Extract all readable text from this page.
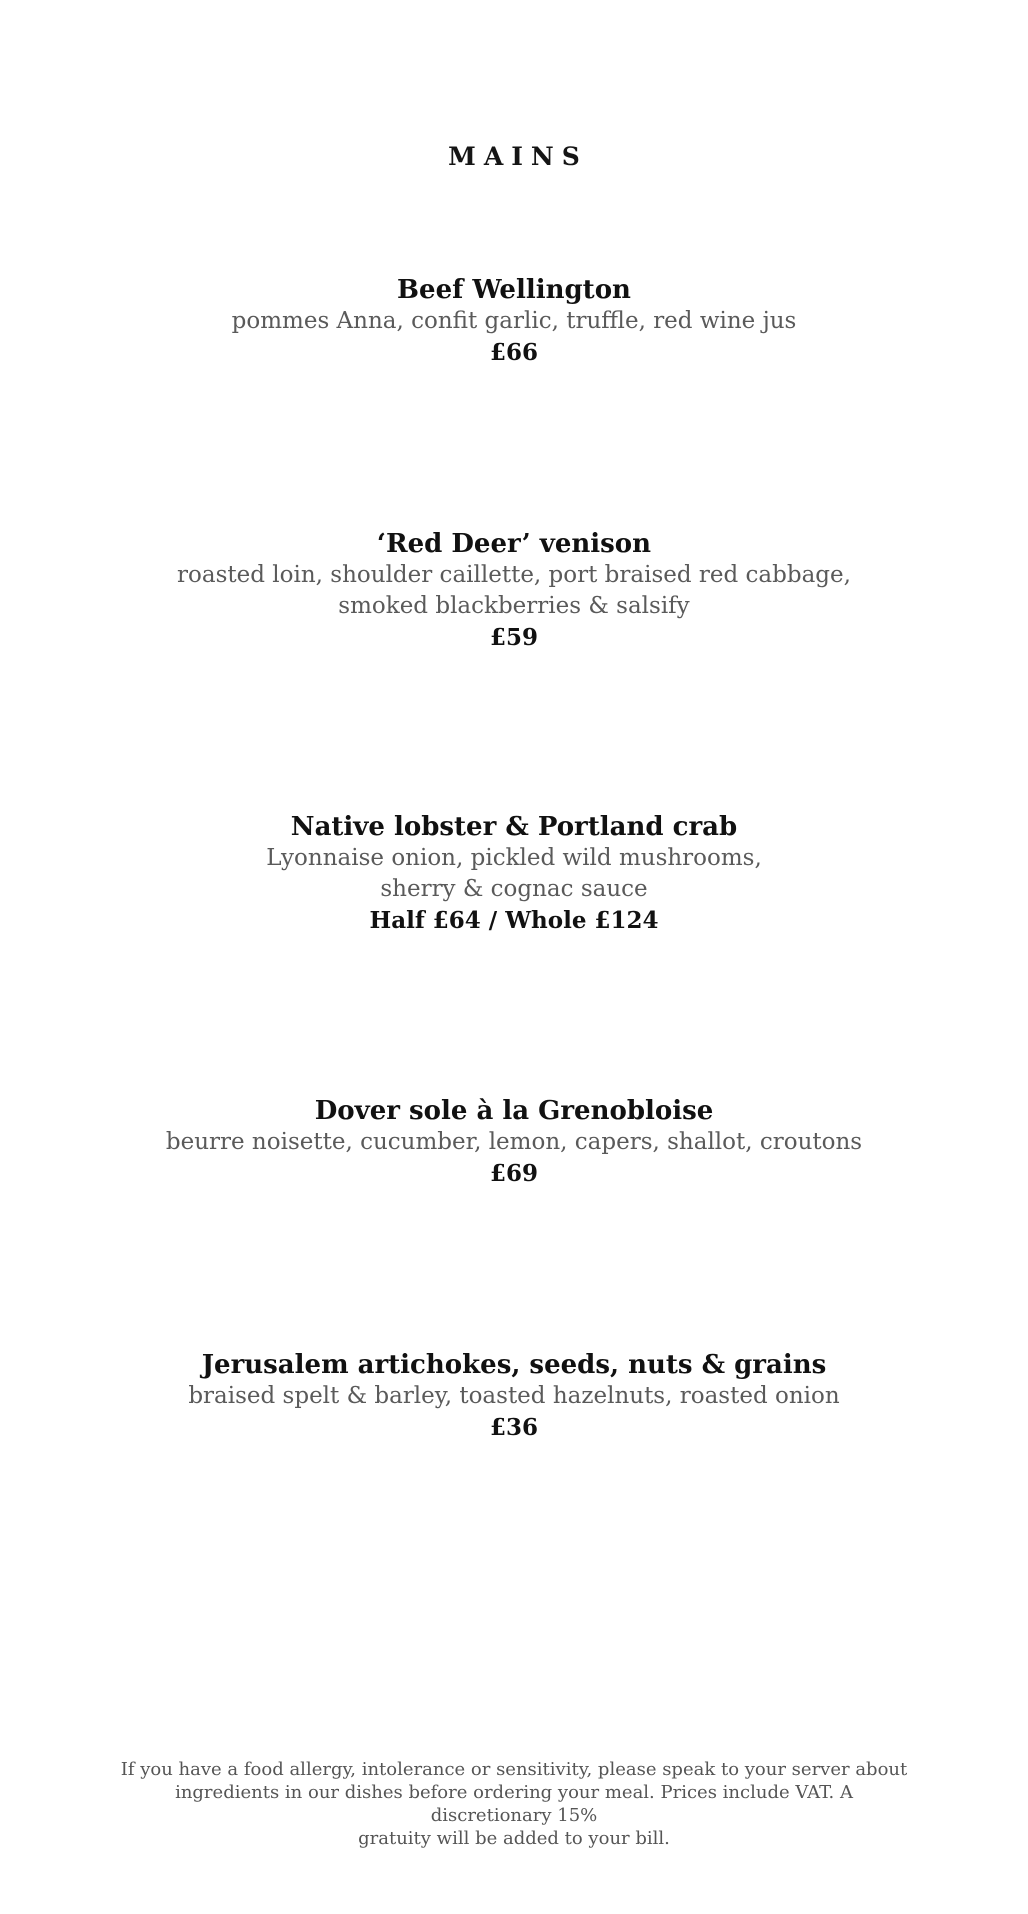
MAINS

Beef Wellington

pommes Anna, confit garlic, truffle, red wine jus

£66

‘Red Deer’ venison

roasted loin, shoulder caillette, port braised red cabbage,

smoked blackberries & salsify

£59

Native lobster & Portland crab

Lyonnaise onion, pickled wild mushrooms,

sherry & cognac sauce

Half £64 / Whole £124

Dover sole à la Grenobloise

beurre noisette, cucumber, lemon, capers, shallot, croutons

£69

Jerusalem artichokes, seeds, nuts & grains

braised spelt & barley, toasted hazelnuts, roasted onion

£36

If you have a food allergy, intolerance or sensitivity, please speak to your server about
ingredients in our dishes before ordering your meal. Prices include VAT. A discretionary 15%
gratuity will be added to your bill.
